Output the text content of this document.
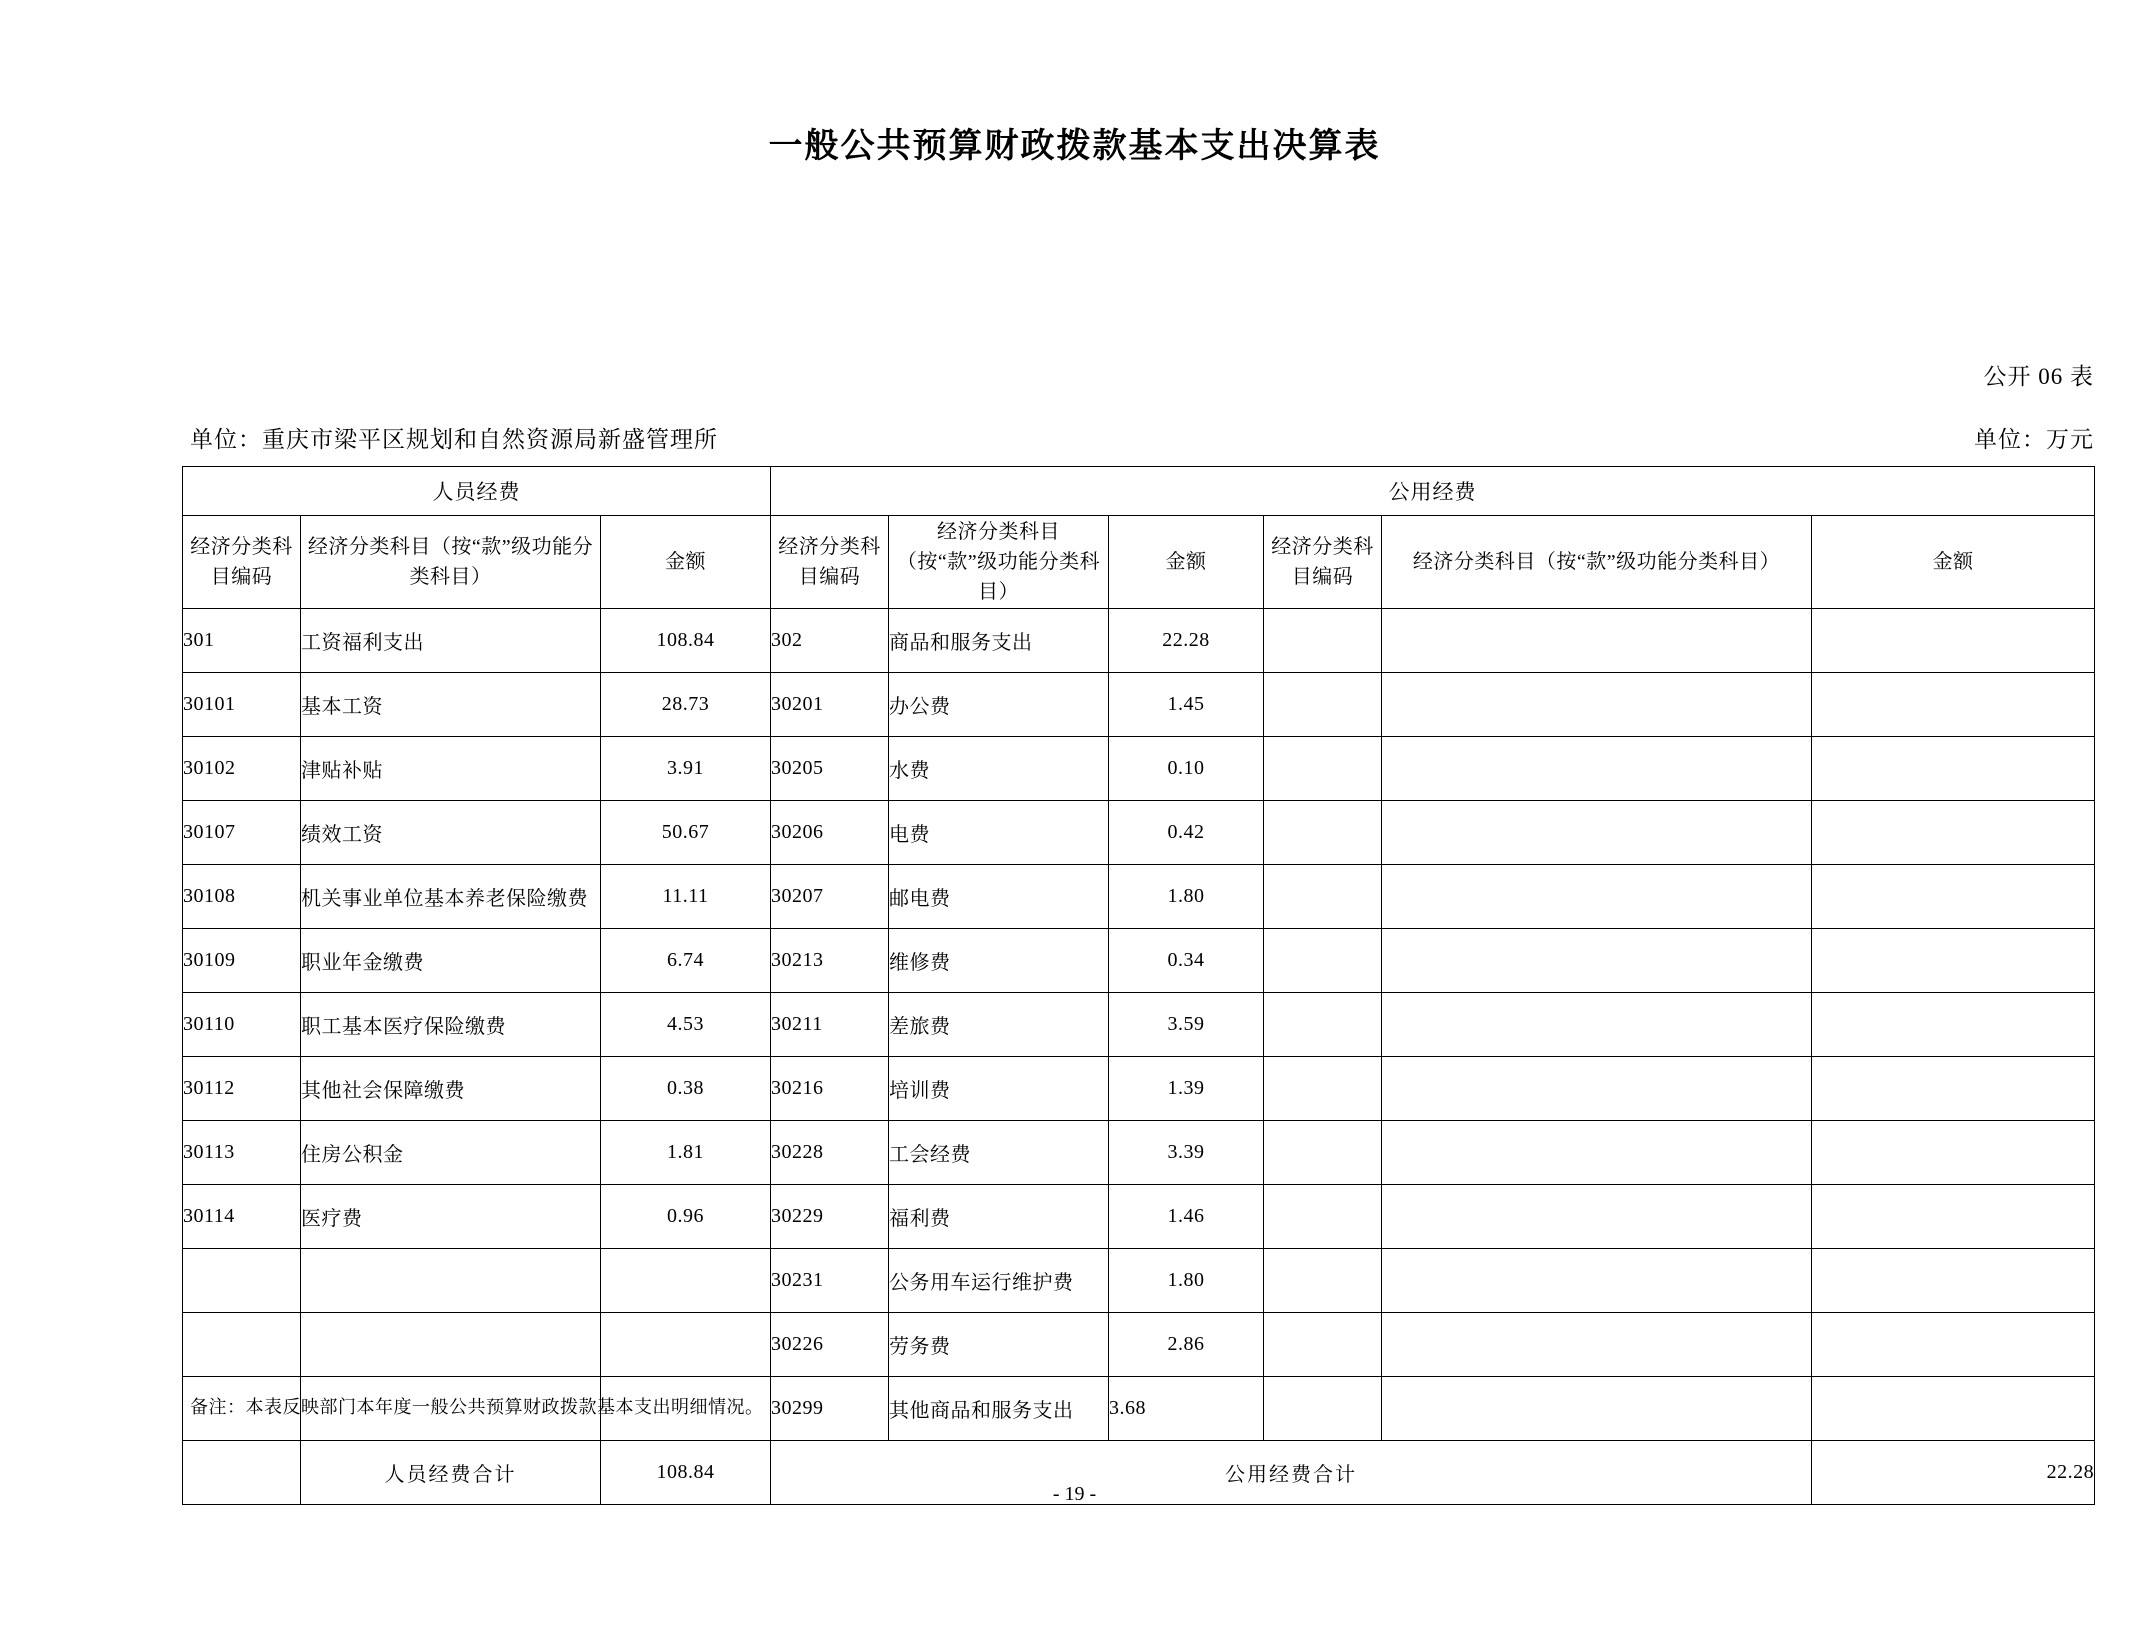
一般公共预算财政拨款基本支出决算表
公开 06 表
单位：重庆市梁平区规划和自然资源局新盛管理所	单位：万元
人员经费			公用经费					
经济分类科目编码	经济分类科目（按“款”级功能分类科目）	金额	经济分类科目编码	经济分类科目（按“款”级功能分类科目）	金额	经济分类科目编码	经济分类科目（按“款”级功能分类科目）	金额
301	工资福利支出	108.84	302	商品和服务支出	22.28			
30101	基本工资	28.73	30201	办公费	1.45			
30102	津贴补贴	3.91	30205	水费	0.10			
30107	绩效工资	50.67	30206	电费	0.42			
30108	机关事业单位基本养老保险缴费	11.11	30207	邮电费	1.80			
30109	职业年金缴费	6.74	30213	维修费	0.34			
30110	职工基本医疗保险缴费	4.53	30211	差旅费	3.59			
30112	其他社会保障缴费	0.38	30216	培训费	1.39			
30113	住房公积金	1.81	30228	工会经费	3.39			
30114	医疗费	0.96	30229	福利费	1.46			
			30231	公务用车运行维护费	1.80			
			30226	劳务费	2.86			
			30299	其他商品和服务支出	3.68			
	人员经费合计	108.84	公用经费合计					22.28
备注：本表反映部门本年度一般公共预算财政拨款基本支出明细情况。
- 19 -
